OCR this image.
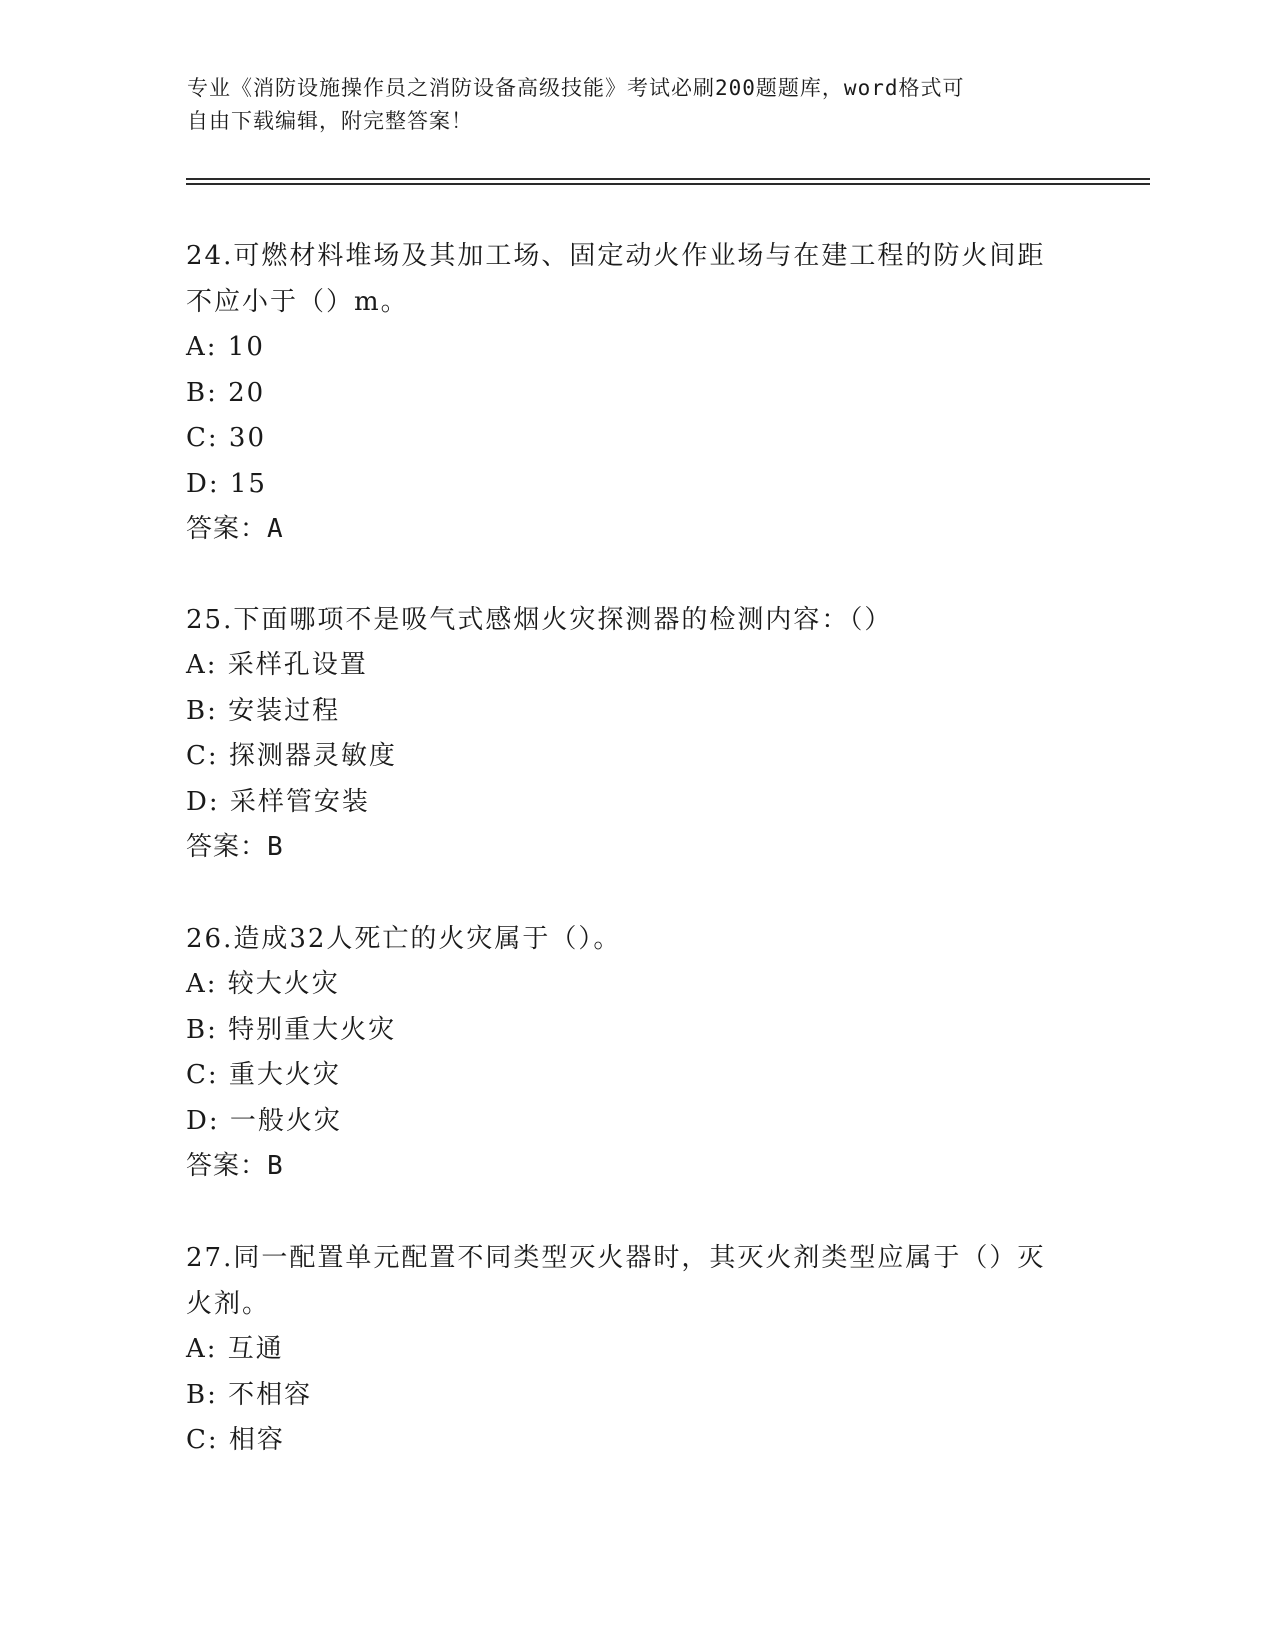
专业《消防设施操作员之消防设备高级技能》考试必刷200题题库，word格式可
自由下载编辑，附完整答案！
24.可燃材料堆场及其加工场、固定动火作业场与在建工程的防火间距
不应小于（）m。
A: 10
B: 20
C: 30
D: 15
答案：A
25.下面哪项不是吸气式感烟火灾探测器的检测内容：（）
A: 采样孔设置
B: 安装过程
C: 探测器灵敏度
D: 采样管安装
答案：B
26.造成32人死亡的火灾属于（）。
A: 较大火灾
B: 特别重大火灾
C: 重大火灾
D: 一般火灾
答案：B
27.同一配置单元配置不同类型灭火器时，其灭火剂类型应属于（）灭
火剂。
A: 互通
B: 不相容
C: 相容
